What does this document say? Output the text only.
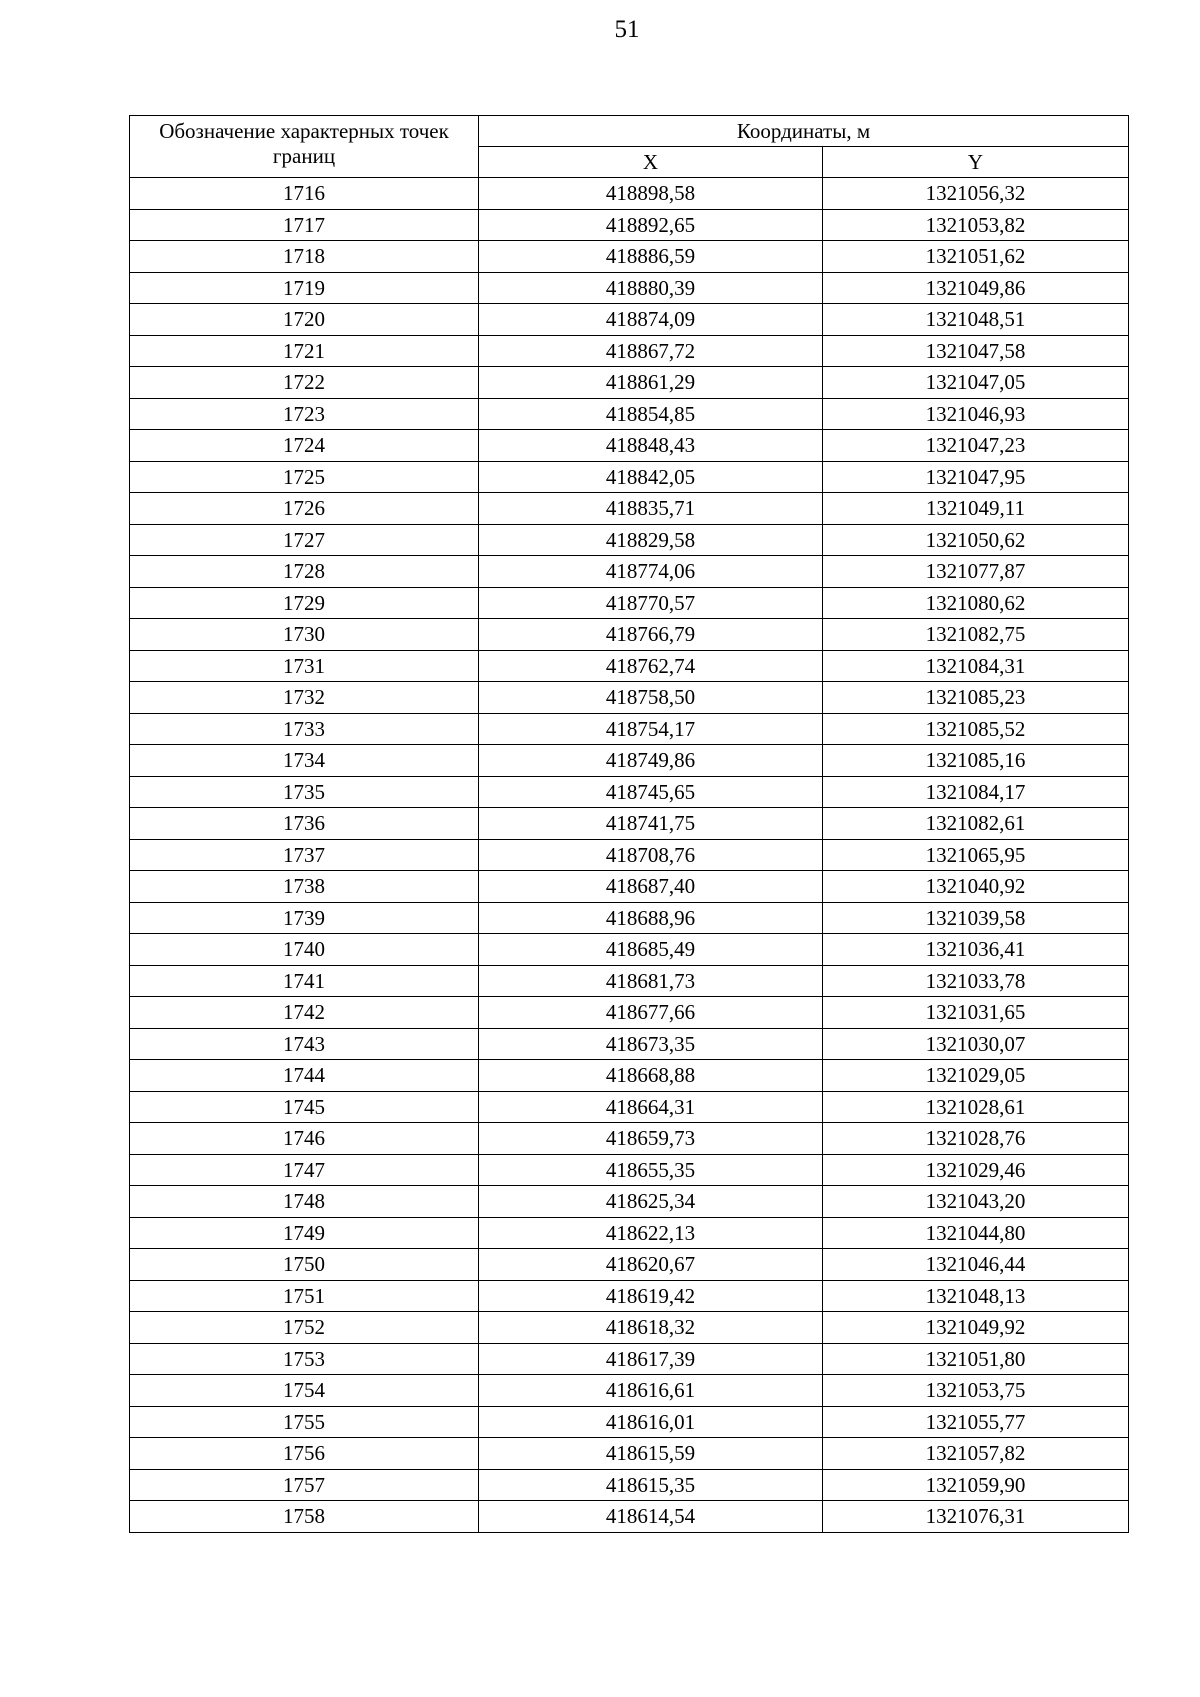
51
Обозначение характерных точек границ	Координаты, м	
	X	Y
1716	418898,58	1321056,32
1717	418892,65	1321053,82
1718	418886,59	1321051,62
1719	418880,39	1321049,86
1720	418874,09	1321048,51
1721	418867,72	1321047,58
1722	418861,29	1321047,05
1723	418854,85	1321046,93
1724	418848,43	1321047,23
1725	418842,05	1321047,95
1726	418835,71	1321049,11
1727	418829,58	1321050,62
1728	418774,06	1321077,87
1729	418770,57	1321080,62
1730	418766,79	1321082,75
1731	418762,74	1321084,31
1732	418758,50	1321085,23
1733	418754,17	1321085,52
1734	418749,86	1321085,16
1735	418745,65	1321084,17
1736	418741,75	1321082,61
1737	418708,76	1321065,95
1738	418687,40	1321040,92
1739	418688,96	1321039,58
1740	418685,49	1321036,41
1741	418681,73	1321033,78
1742	418677,66	1321031,65
1743	418673,35	1321030,07
1744	418668,88	1321029,05
1745	418664,31	1321028,61
1746	418659,73	1321028,76
1747	418655,35	1321029,46
1748	418625,34	1321043,20
1749	418622,13	1321044,80
1750	418620,67	1321046,44
1751	418619,42	1321048,13
1752	418618,32	1321049,92
1753	418617,39	1321051,80
1754	418616,61	1321053,75
1755	418616,01	1321055,77
1756	418615,59	1321057,82
1757	418615,35	1321059,90
1758	418614,54	1321076,31
